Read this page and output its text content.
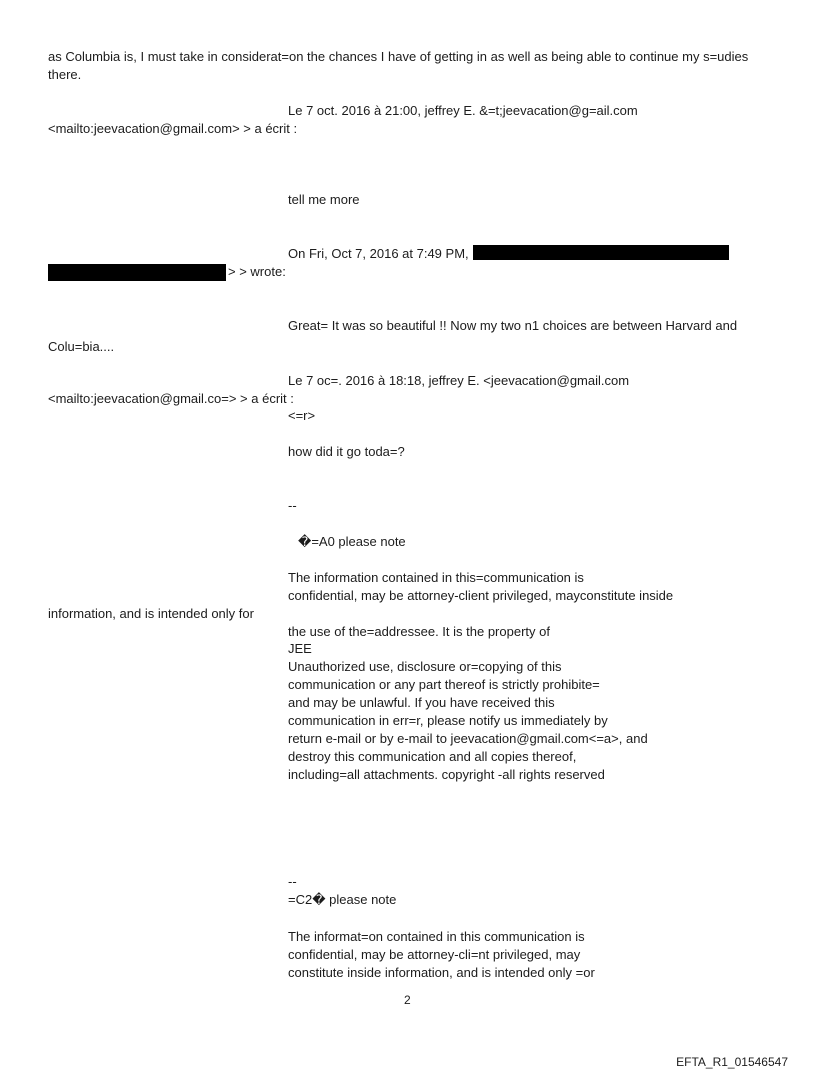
as Columbia is, I must take in considerat=on the chances I have of getting in as well as being able to continue my s=udies
there.
Le 7 oct. 2016 à 21:00, jeffrey E. &=t;jeevacation@g=ail.com
<mailto:jeevacation@gmail.com> > a écrit :
tell me more
On Fri, Oct 7, 2016 at 7:49 PM,
> > wrote:
Great= It was so beautiful !! Now my two n1 choices are between Harvard and
Colu=bia....
Le 7 oc=. 2016 à 18:18, jeffrey E. <jeevacation@gmail.com
<mailto:jeevacation@gmail.co=> > a écrit :
<=r>
how did it go toda=?
--
�=A0 please note
The information contained in this=communication is
confidential, may be attorney-client privileged, mayconstitute inside
information, and is intended only for
the use of the=addressee. It is the property of
JEE
Unauthorized use, disclosure or=copying of this
communication or any part thereof is strictly prohibite=
and may be unlawful. If you have received this
communication in err=r, please notify us immediately by
return e-mail or by e-mail to jeevacation@gmail.com<=a>, and
destroy this communication and all copies thereof,
including=all attachments. copyright -all rights reserved
--
=C2� please note
The informat=on contained in this communication is
confidential, may be attorney-cli=nt privileged, may
constitute inside information, and is intended only =or
2
EFTA_R1_01546547
